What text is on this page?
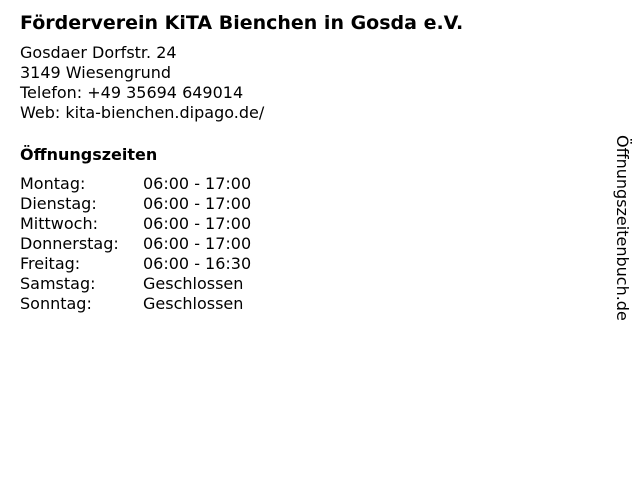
Förderverein KiTA Bienchen in Gosda e.V.
Gosdaer Dorfstr. 24
3149 Wiesengrund
Telefon: +49 35694 649014
Web: kita-bienchen.dipago.de/
Öffnungszeiten
Montag:	06:00 - 17:00
Dienstag:	06:00 - 17:00
Mittwoch:	06:00 - 17:00
Donnerstag: 06:00 - 17:00
Freitag:	06:00 - 16:30
Samstag:	Geschlossen
Sonntag:	Geschlossen	Öffnungszeitenbuch.de
